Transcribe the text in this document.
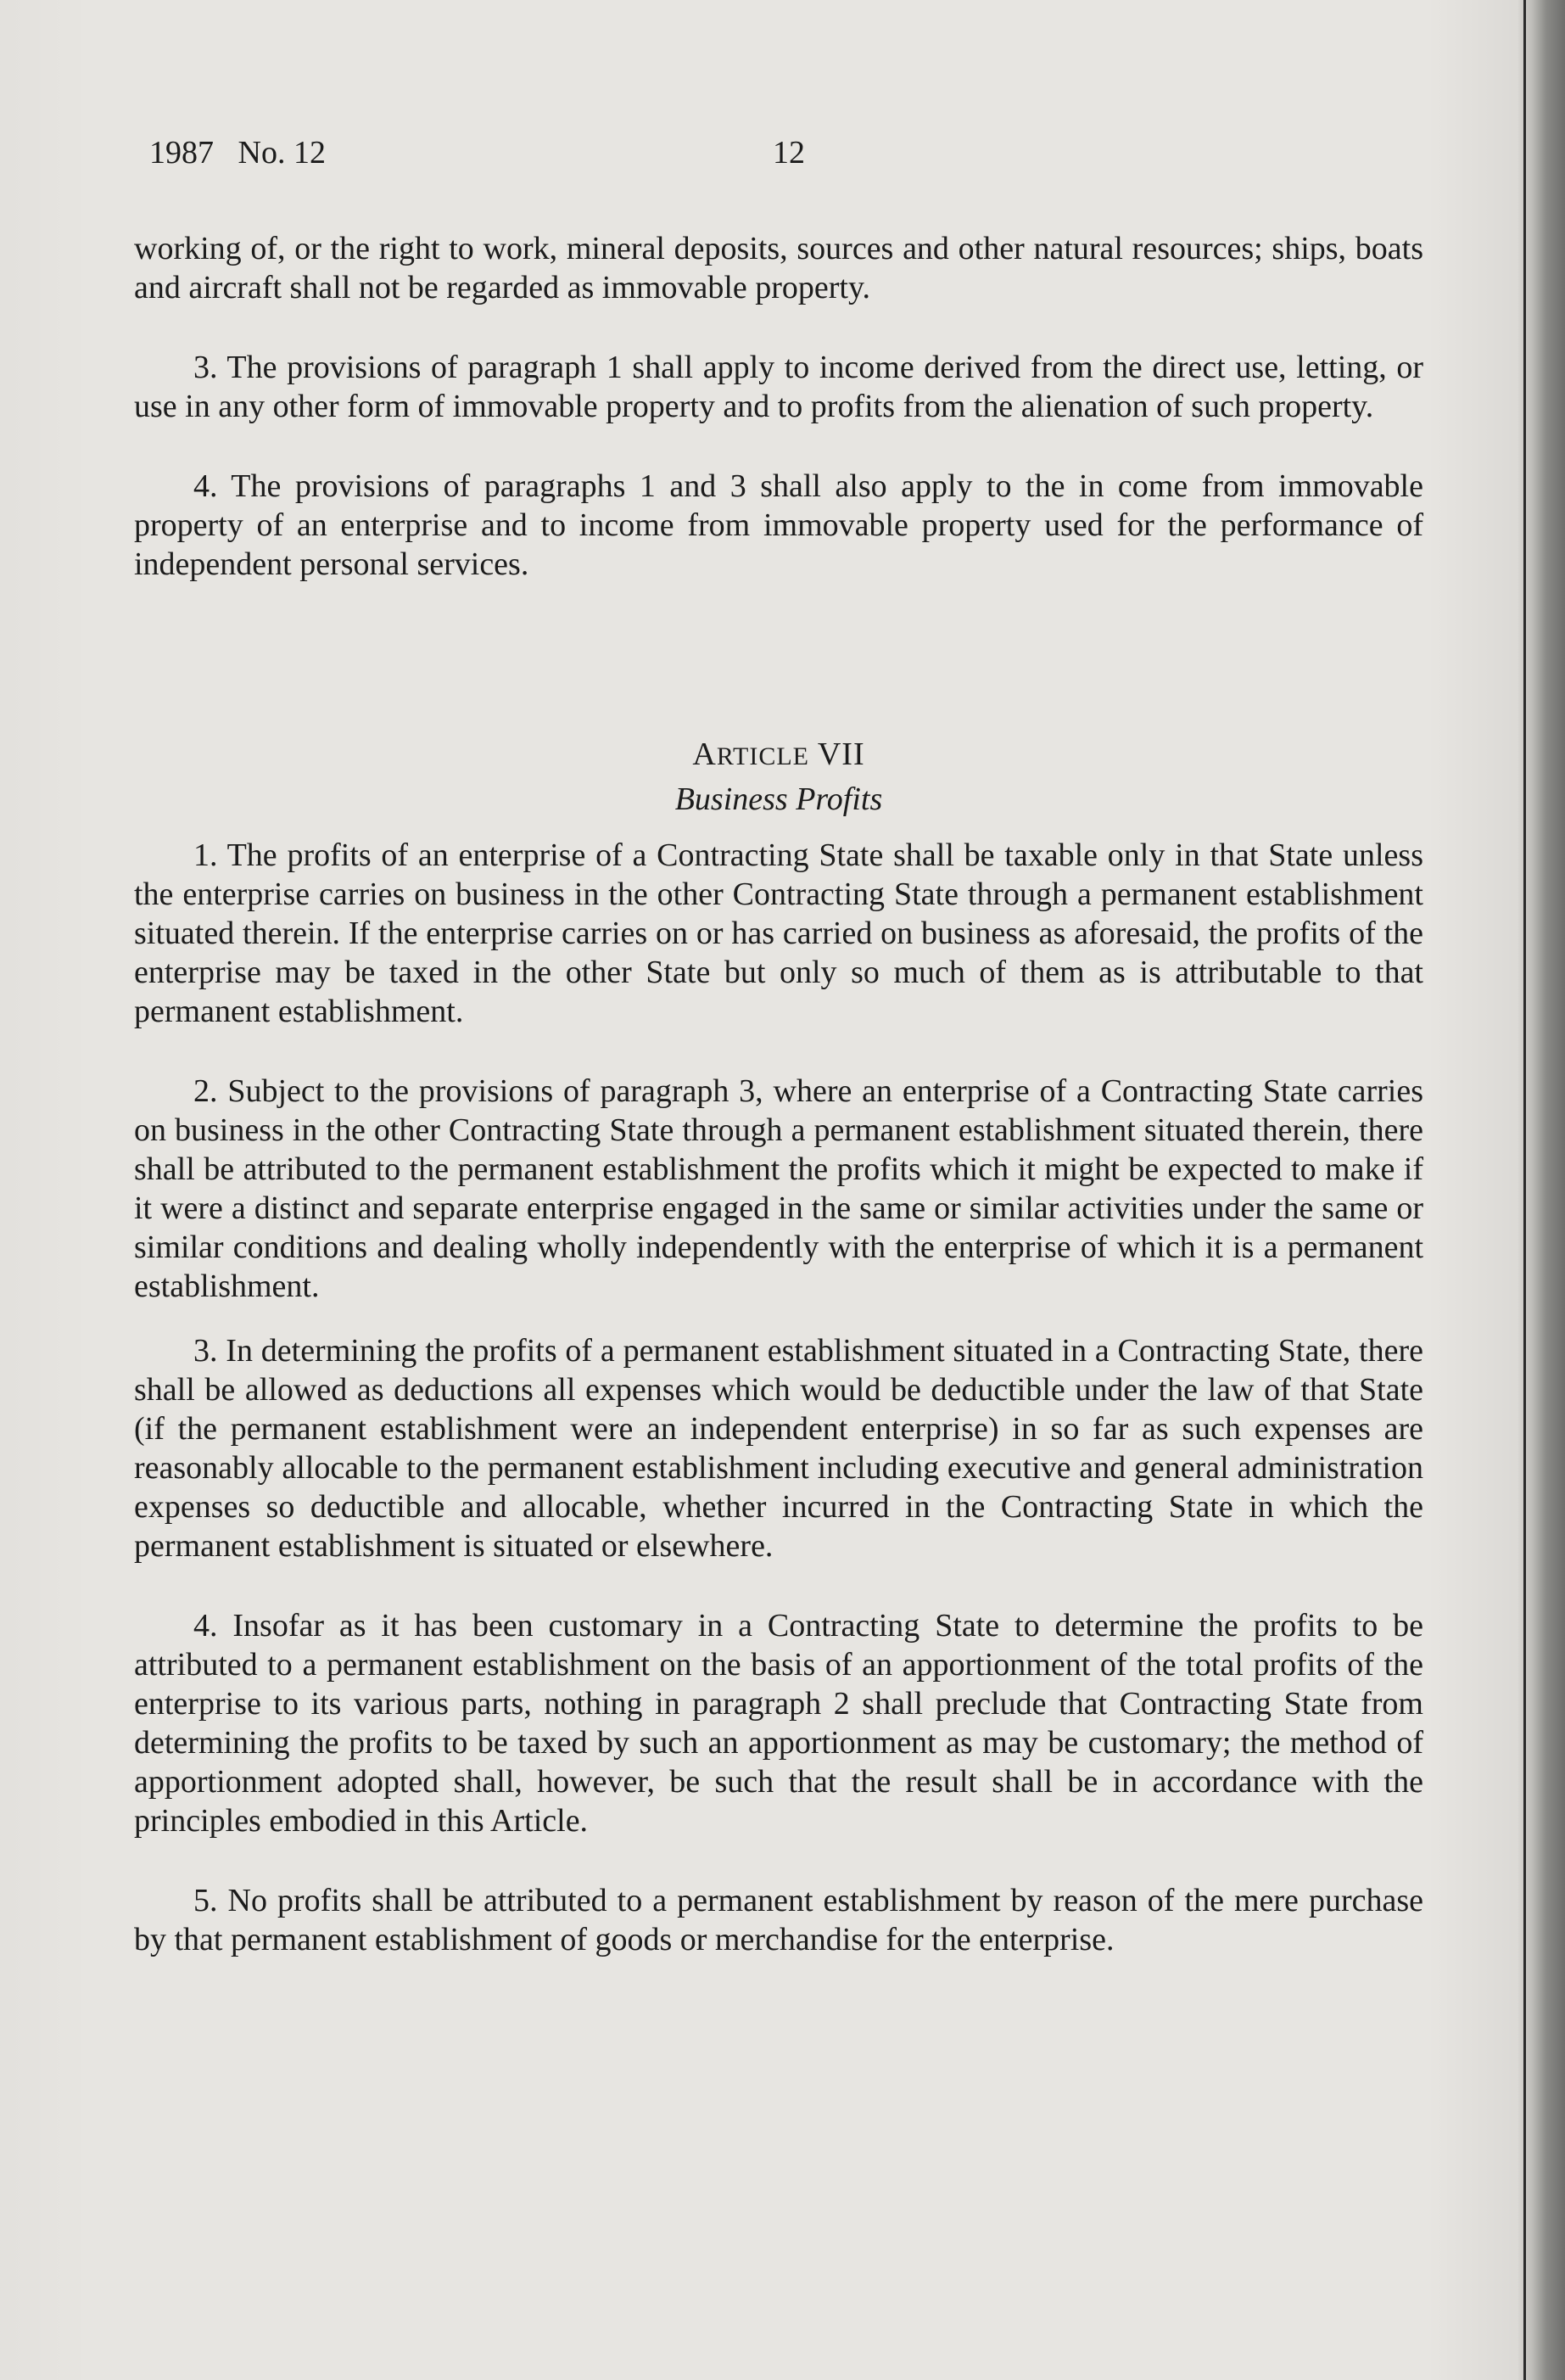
1987   No. 12	12

working of, or the right to work, mineral deposits, sources and other natural resources; ships, boats and aircraft shall not be regarded as immovable property.

3. The provisions of paragraph 1 shall apply to income derived from the direct use, letting, or use in any other form of immovable property and to profits from the alienation of such property.

4. The provisions of paragraphs 1 and 3 shall also apply to the in come from immovable property of an enterprise and to income from immovable property used for the performance of independent personal services.

ARTICLE VII
Business Profits

1. The profits of an enterprise of a Contracting State shall be taxable only in that State unless the enterprise carries on business in the other Contracting State through a permanent establishment situated therein. If the enterprise carries on or has carried on business as aforesaid, the profits of the enterprise may be taxed in the other State but only so much of them as is attributable to that permanent establishment.

2. Subject to the provisions of paragraph 3, where an enterprise of a Contracting State carries on business in the other Contracting State through a permanent establishment situated therein, there shall be attributed to the permanent establishment the profits which it might be expected to make if it were a distinct and separate enterprise engaged in the same or similar activities under the same or similar conditions and dealing wholly independently with the enterprise of which it is a permanent establishment.

3. In determining the profits of a permanent establishment situated in a Contracting State, there shall be allowed as deductions all expenses which would be deductible under the law of that State (if the permanent establishment were an independent enterprise) in so far as such expenses are reasonably allocable to the permanent establishment including executive and general administration expenses so deductible and allocable, whether incurred in the Contracting State in which the permanent establishment is situated or elsewhere.

4. Insofar as it has been customary in a Contracting State to determine the profits to be attributed to a permanent establishment on the basis of an apportionment of the total profits of the enterprise to its various parts, nothing in paragraph 2 shall preclude that Contracting State from determining the profits to be taxed by such an apportionment as may be customary; the method of apportionment adopted shall, however, be such that the result shall be in accordance with the principles embodied in this Article.

5. No profits shall be attributed to a permanent establishment by reason of the mere purchase by that permanent establishment of goods or merchandise for the enterprise.
